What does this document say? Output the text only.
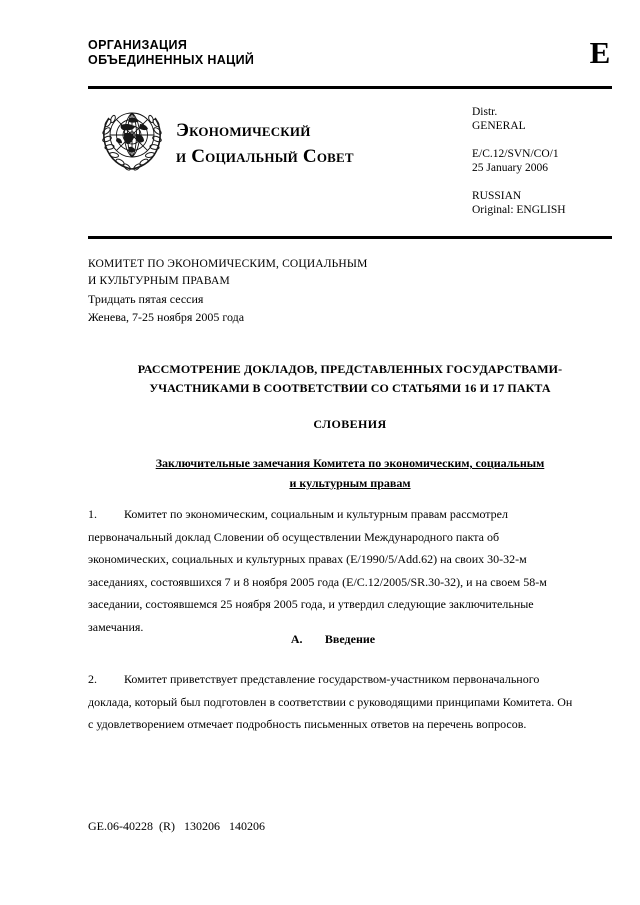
ОРГАНИЗАЦИЯ
ОБЪЕДИНЕННЫХ НАЦИЙ	E
Экономический
и Социальный Совет
Distr.
GENERAL
E/C.12/SVN/CO/1
25 January 2006
RUSSIAN
Original: ENGLISH
КОМИТЕТ ПО ЭКОНОМИЧЕСКИМ, СОЦИАЛЬНЫМ
И КУЛЬТУРНЫМ ПРАВАМ
Тридцать пятая сессия
Женева, 7-25 ноября 2005 года
РАССМОТРЕНИЕ ДОКЛАДОВ, ПРЕДСТАВЛЕННЫХ ГОСУДАРСТВАМИ-
УЧАСТНИКАМИ В СООТВЕТСТВИИ СО СТАТЬЯМИ 16 И 17 ПАКТА
СЛОВЕНИЯ
Заключительные замечания Комитета по экономическим, социальным
и культурным правам
1. Комитет по экономическим, социальным и культурным правам рассмотрел первоначальный доклад Словении об осуществлении Международного пакта об экономических, социальных и культурных правах (E/1990/5/Add.62) на своих 30-32-м заседаниях, состоявшихся 7 и 8 ноября 2005 года (E/C.12/2005/SR.30-32), и на своем 58-м заседании, состоявшемся 25 ноября 2005 года, и утвердил следующие заключительные замечания.
A. Введение
2. Комитет приветствует представление государством-участником первоначального доклада, который был подготовлен в соответствии с руководящими принципами Комитета. Он с удовлетворением отмечает подробность письменных ответов на перечень вопросов.
GE.06-40228  (R)   130206   140206
